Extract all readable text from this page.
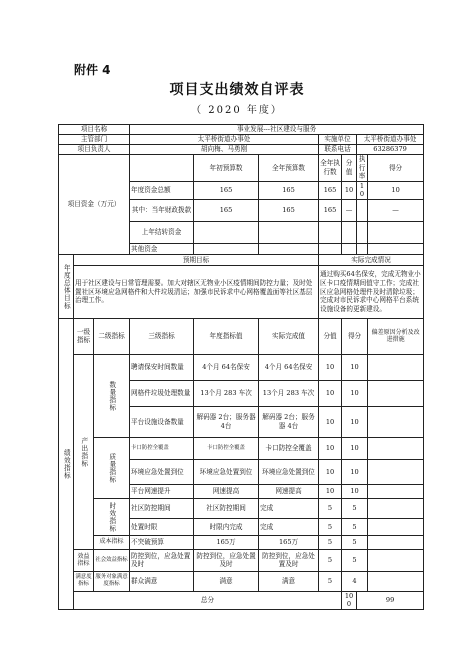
附件 4
项目支出绩效自评表
（ 2020 年度）
项目名称			事业发展---社区建设与服务							
主管部门			太平桥街道办事处			实施单位		太平桥街道办事处		
项目负责人			胡向梅、马勇刚			联系电话		63286379		
项目资金（万元）				年初预算数	全年预算数	全年执行数	分值	执行率	得分	
			年度资金总额	165	165	165	10	10	10	
			其中：当年财政拨款	165	165	165	—		—	
			上年结转资金							
			其他资金							
年度总体目标	预期目标					实际完成情况				
	用于社区建设与日常管理需要。加大对辖区无物业小区疫情期间防控力量；及时处置社区环境应急网格件和大件垃圾清运；加强市民诉求中心网格覆盖面等社区基层治理工作。					通过购买64名保安，完成无物业小区卡口疫情期间值守工作；完成社区应急网格处理件及时清除垃圾；完成对市民诉求中心网格平台系统设施设备的更新建设。				
绩效指标	一级指标	二级指标	三级指标	年度指标值	实际完成值	分值	得分		偏差原因分析及改进措施	
	产出指标	数量指标	聘请保安时间数量	4个月 64名保安	4个月 64名保安	10	10			
			网格件垃圾处理数量	13个月 283 车次	13个月 283 车次	10	10			
			平台设施设备数量	解码器 2台；服务器 4台	解码器 2台；服务器 4台	10	10			
		质量指标	卡口防控全覆盖	卡口防控全覆盖	卡口防控全覆盖	10	10			
			环境应急处置到位	环境应急处置到位	环境应急处置到位	10	10			
			平台网速提升	网速提高	网速提高	10	10			
		时效指标	社区防控期间	社区防控期间	完成	5	5			
			处置时限	时限内完成	完成	5	5			
		成本指标	不突破预算	165万	165万	5	5			
	效益指标	社会效益指标	防控到位，应急处置及时	防控到位，应急处置及时	防控到位，应急处置及时	5	5			
	满意度指标	服务对象满意度指标	群众满意	满意	满意	5	4			
	总分						100	99		
